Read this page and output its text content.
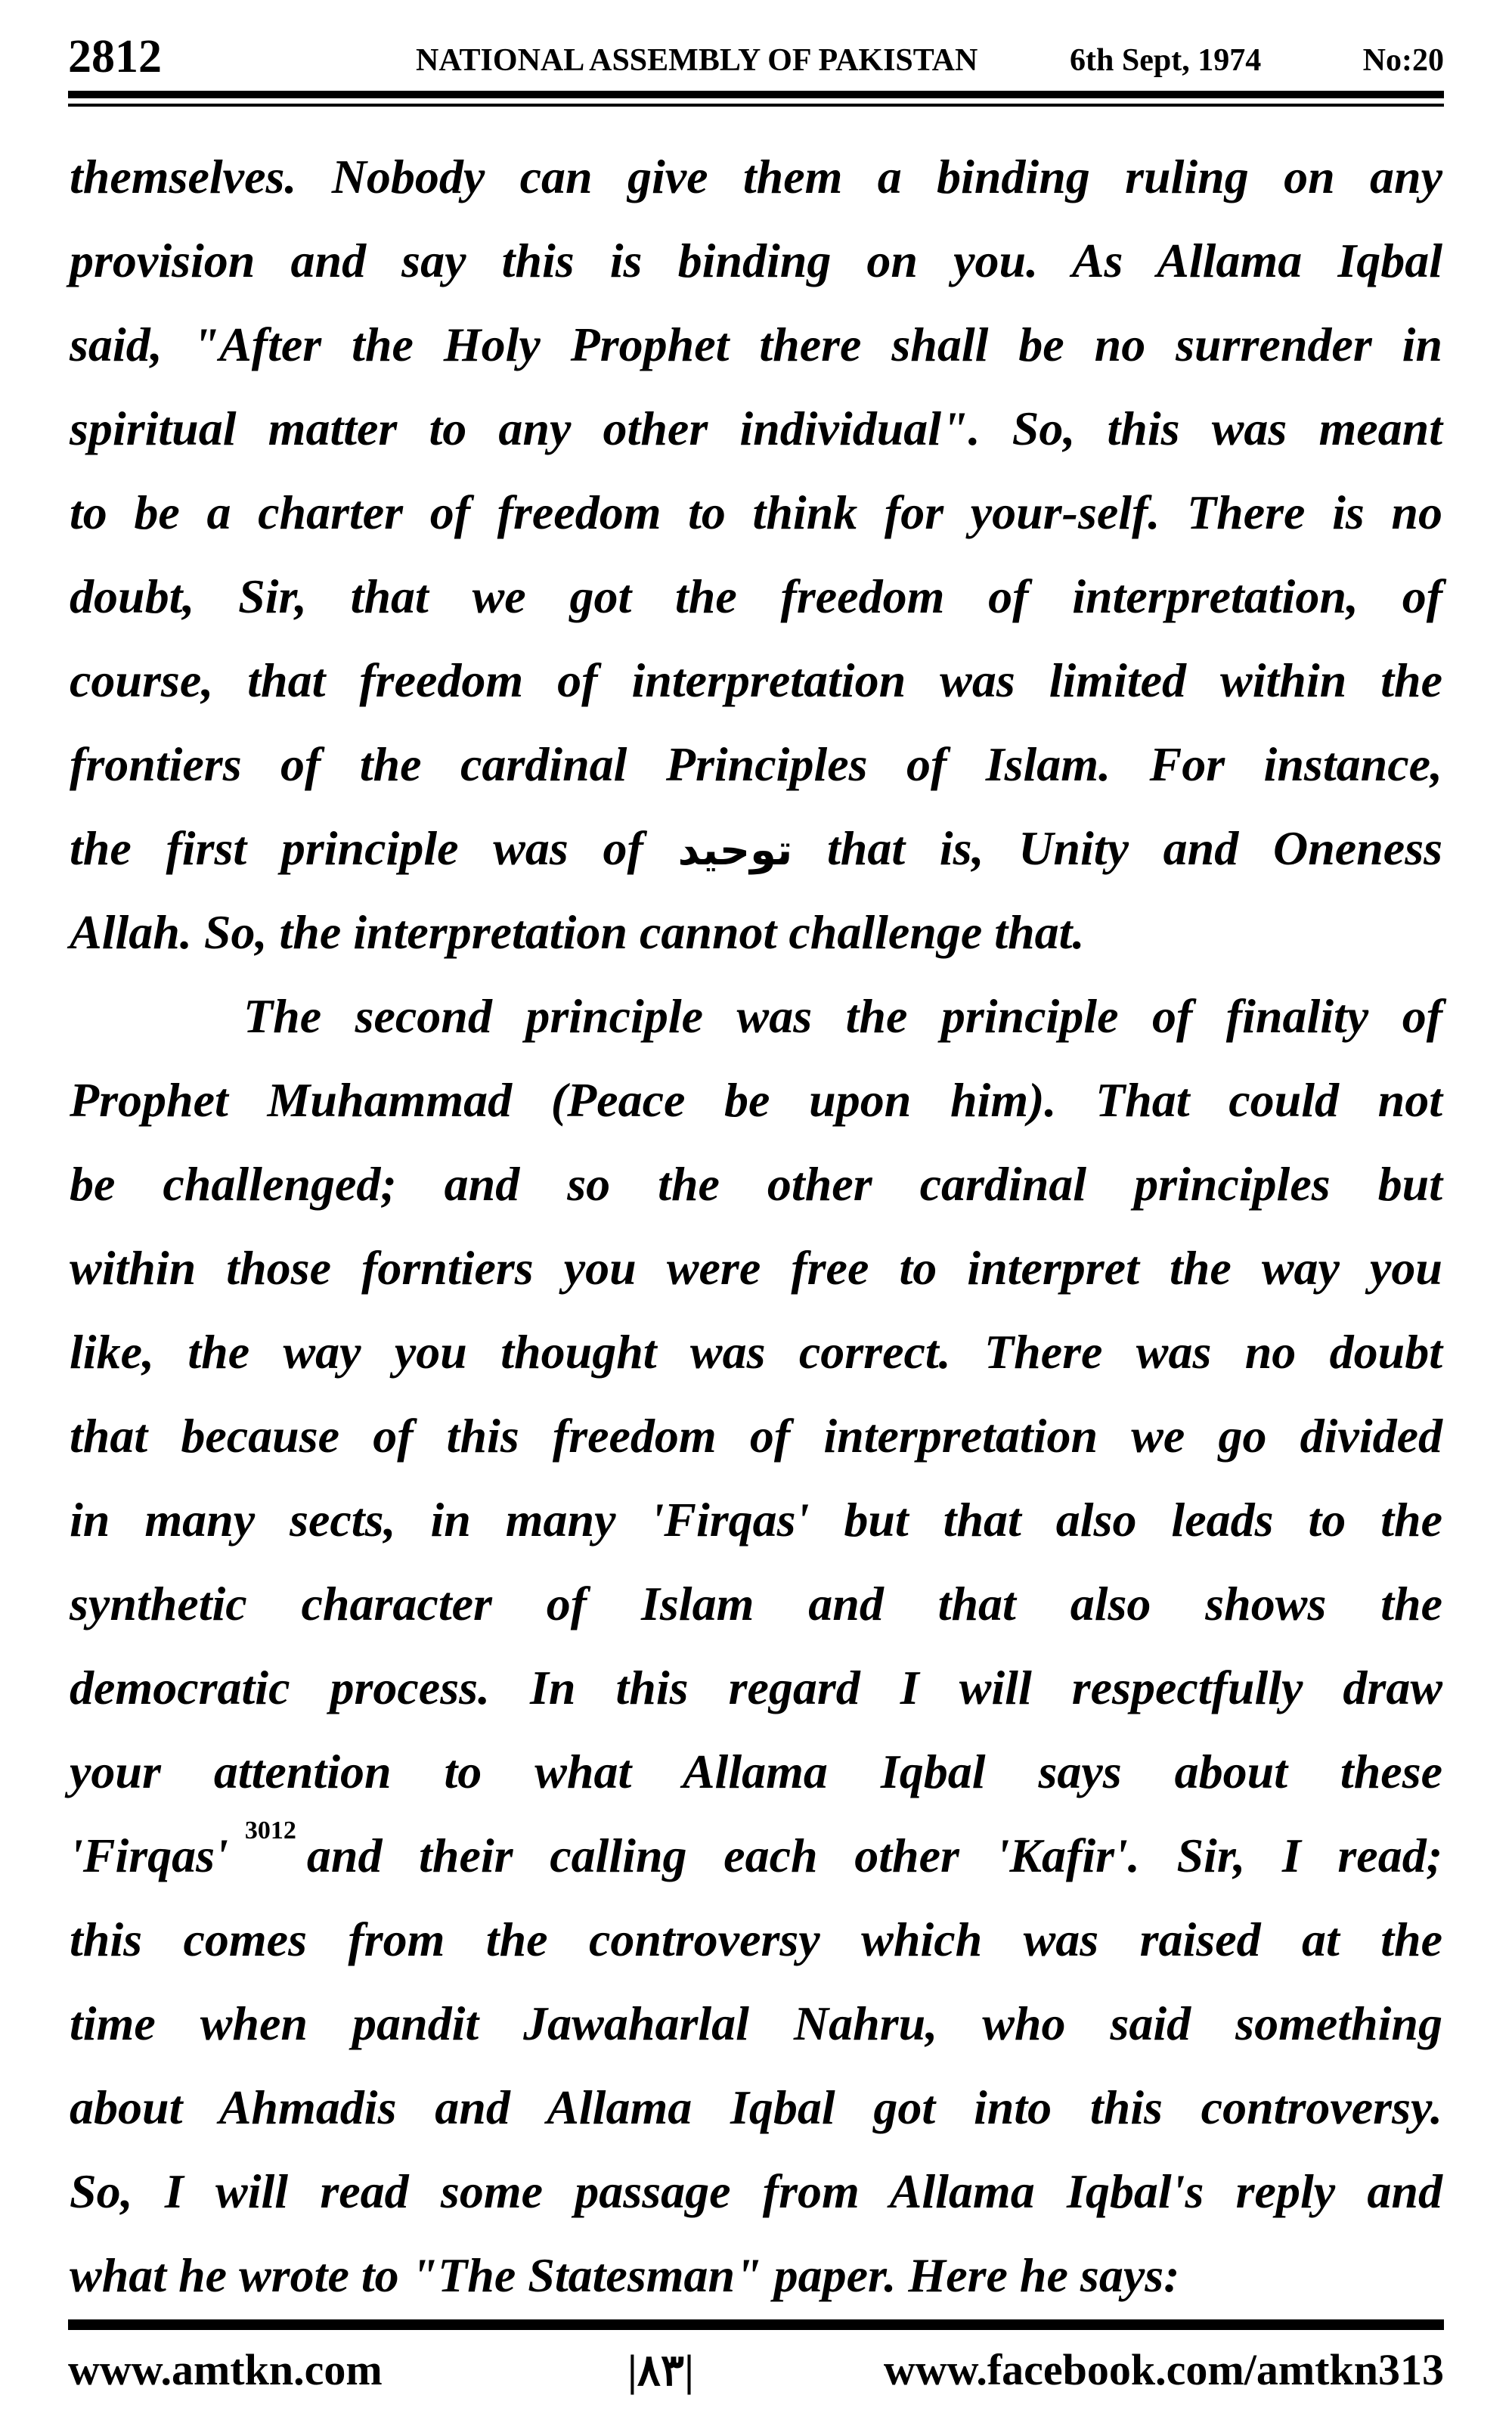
2812	NATIONAL ASSEMBLY OF PAKISTAN	6th Sept, 1974	No:20
themselves. Nobody can give them a binding ruling on any
provision and say this is binding on you. As Allama Iqbal
said, "After the Holy Prophet there shall be no surrender in
spiritual matter to any other individual". So, this was meant
to be a charter of freedom to think for your-self. There is no
doubt, Sir, that we got the freedom of interpretation, of
course, that freedom of interpretation was limited within the
frontiers of the cardinal Principles of Islam. For instance,
the first principle was of توحید that is, Unity and Oneness
Allah. So, the interpretation cannot challenge that.
The second principle was the principle of finality of
Prophet Muhammad (Peace be upon him). That could not
be challenged; and so the other cardinal principles but
within those forntiers you were free to interpret the way you
like, the way you thought was correct. There was no doubt
that because of this freedom of interpretation we go divided
in many sects, in many 'Firqas' but that also leads to the
synthetic character of Islam and that also shows the
democratic process. In this regard I will respectfully draw
your attention to what Allama Iqbal says about these
'Firqas' $^{3012}$ and their calling each other 'Kafir'. Sir, I read;
this comes from the controversy which was raised at the
time when pandit Jawaharlal Nahru, who said something
about Ahmadis and Allama Iqbal got into this controversy.
So, I will read some passage from Allama Iqbal's reply and
what he wrote to "The Statesman" paper. Here he says:
www.amtkn.com	|٨٣|	www.facebook.com/amtkn313
